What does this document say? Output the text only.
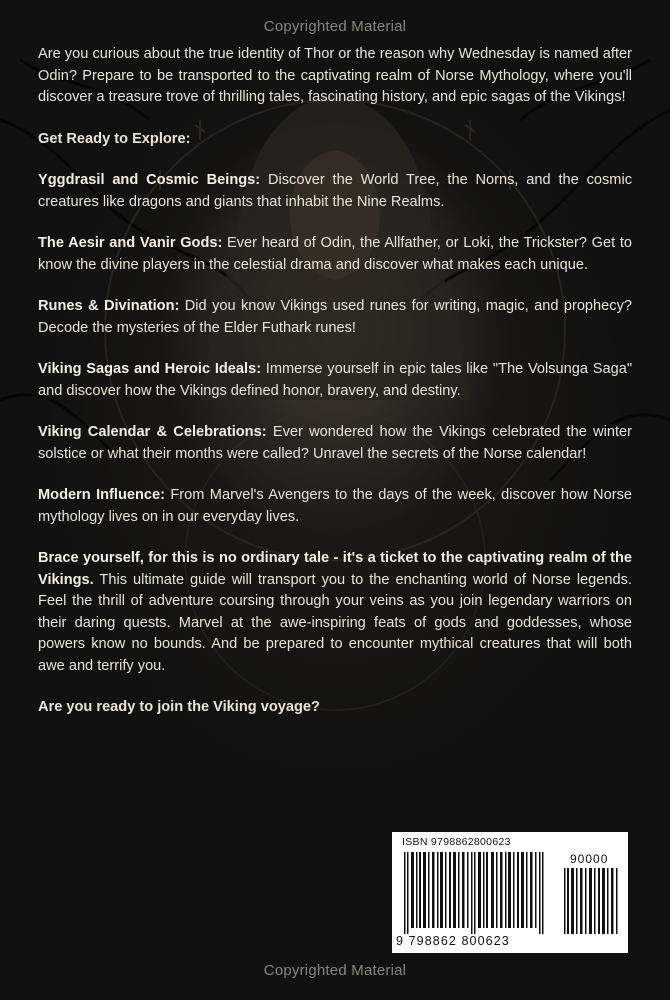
Copyrighted Material

Are you curious about the true identity of Thor or the reason why Wednesday is named after Odin? Prepare to be transported to the captivating realm of Norse Mythology, where you'll discover a treasure trove of thrilling tales, fascinating history, and epic sagas of the Vikings!

Get Ready to Explore:

Yggdrasil and Cosmic Beings: Discover the World Tree, the Norns, and the cosmic creatures like dragons and giants that inhabit the Nine Realms.

The Aesir and Vanir Gods: Ever heard of Odin, the Allfather, or Loki, the Trickster? Get to know the divine players in the celestial drama and discover what makes each unique.

Runes & Divination: Did you know Vikings used runes for writing, magic, and prophecy? Decode the mysteries of the Elder Futhark runes!

Viking Sagas and Heroic Ideals: Immerse yourself in epic tales like "The Volsunga Saga" and discover how the Vikings defined honor, bravery, and destiny.

Viking Calendar & Celebrations: Ever wondered how the Vikings celebrated the winter solstice or what their months were called? Unravel the secrets of the Norse calendar!

Modern Influence: From Marvel's Avengers to the days of the week, discover how Norse mythology lives on in our everyday lives.

Brace yourself, for this is no ordinary tale - it's a ticket to the captivating realm of the Vikings. This ultimate guide will transport you to the enchanting world of Norse legends. Feel the thrill of adventure coursing through your veins as you join legendary warriors on their daring quests. Marvel at the awe-inspiring feats of gods and goddesses, whose powers know no bounds. And be prepared to encounter mythical creatures that will both awe and terrify you.

Are you ready to join the Viking voyage?

ISBN 9798862800623
90000
9 798862 800623
Copyrighted Material
